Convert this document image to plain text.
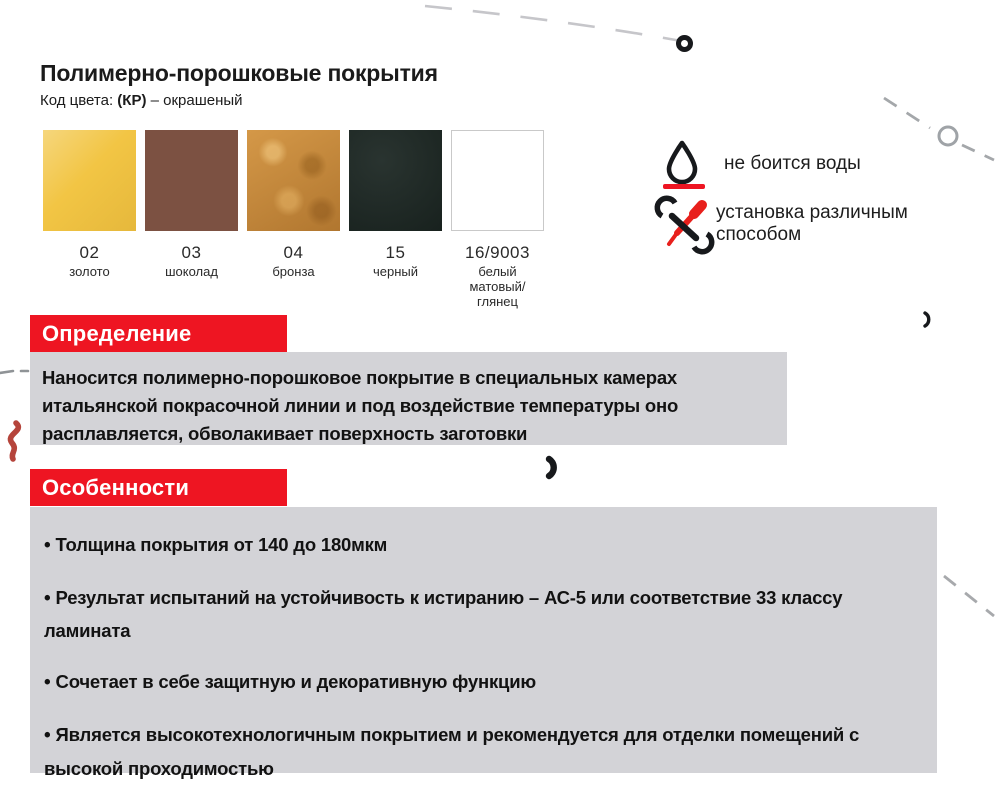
Полимерно-порошковые покрытия
Код цвета: (КР) – окрашеный
02
золото
03
шоколад
04
бронза
15
черный
16/9003
белый матовый/глянец
не боится воды
установка различным способом
Определение
Наносится полимерно-порошковое покрытие в специальных камерах итальянской покрасочной линии и под воздействие температуры оно расплавляется, обволакивает поверхность заготовки
Особенности
• Толщина покрытия от 140 до 180мкм
• Результат испытаний на устойчивость к истиранию – АС-5 или соответствие 33 классу ламината
• Сочетает в себе защитную и декоративную функцию
• Является высокотехнологичным покрытием и рекомендуется для отделки помещений с высокой проходимостью
